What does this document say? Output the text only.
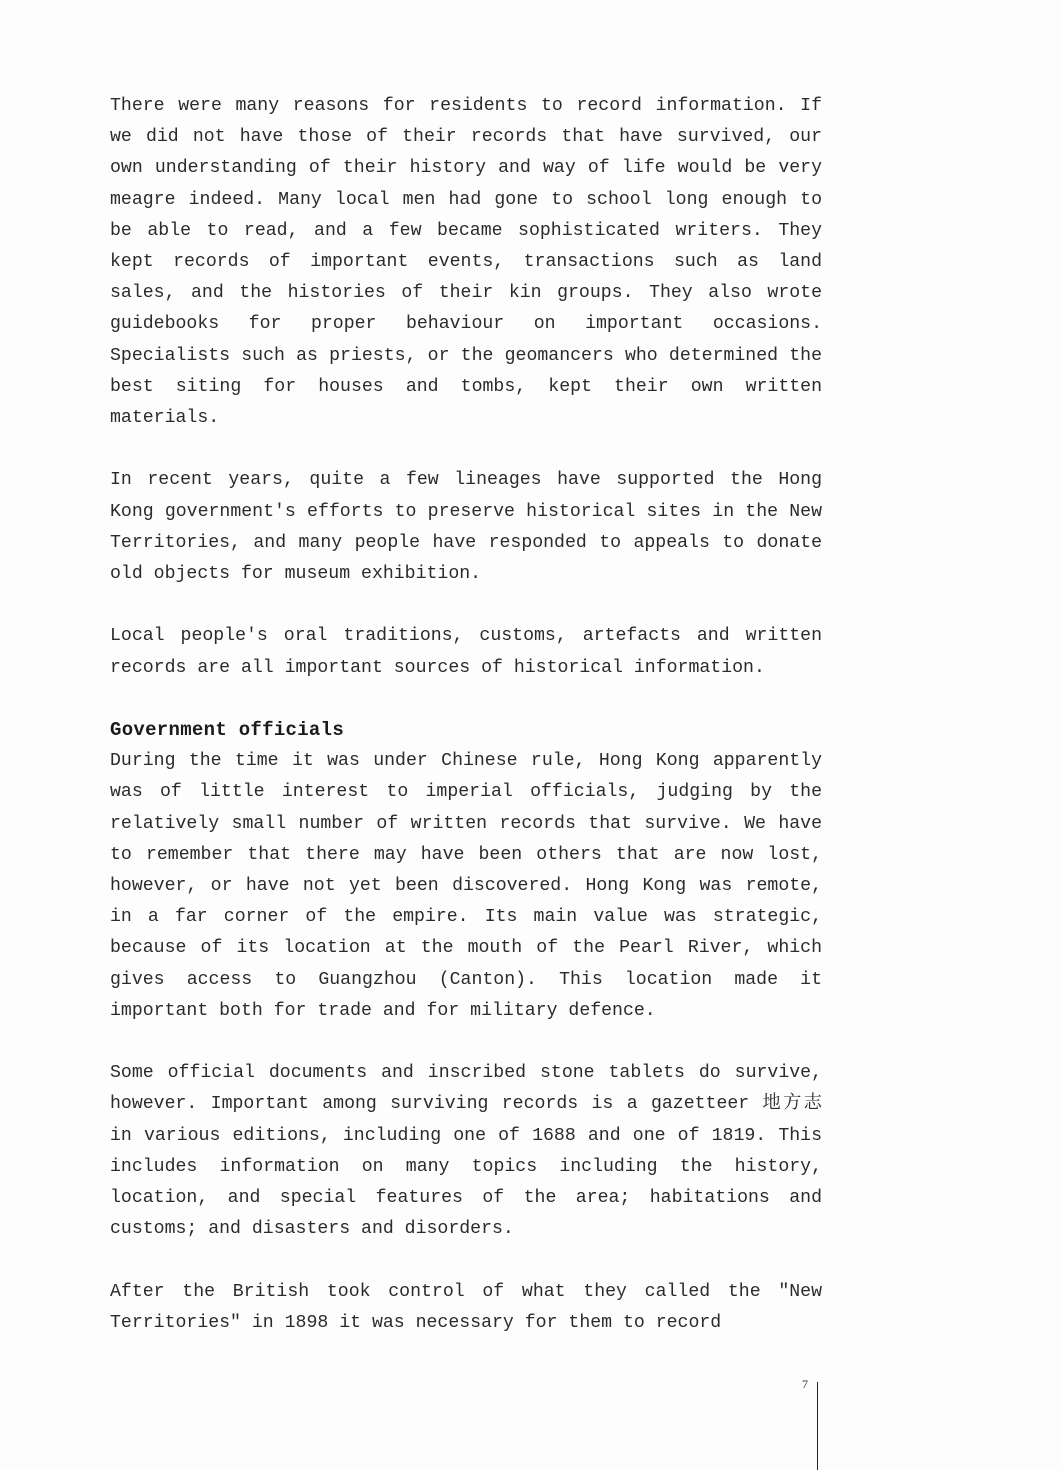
There were many reasons for residents to record information. If we did not have those of their records that have survived, our own understanding of their history and way of life would be very meagre indeed. Many local men had gone to school long enough to be able to read, and a few became sophisticated writers. They kept records of important events, transactions such as land sales, and the histories of their kin groups. They also wrote guidebooks for proper behaviour on important occasions. Specialists such as priests, or the geomancers who determined the best siting for houses and tombs, kept their own written materials.

In recent years, quite a few lineages have supported the Hong Kong government's efforts to preserve historical sites in the New Territories, and many people have responded to appeals to donate old objects for museum exhibition.

Local people's oral traditions, customs, artefacts and written records are all important sources of historical information.

Government officials

During the time it was under Chinese rule, Hong Kong apparently was of little interest to imperial officials, judging by the relatively small number of written records that survive. We have to remember that there may have been others that are now lost, however, or have not yet been discovered. Hong Kong was remote, in a far corner of the empire. Its main value was strategic, because of its location at the mouth of the Pearl River, which gives access to Guangzhou (Canton). This location made it important both for trade and for military defence.

Some official documents and inscribed stone tablets do survive, however. Important among surviving records is a gazetteer 地方志 in various editions, including one of 1688 and one of 1819. This includes information on many topics including the history, location, and special features of the area; habitations and customs; and disasters and disorders.

After the British took control of what they called the "New Territories" in 1898 it was necessary for them to record

7
